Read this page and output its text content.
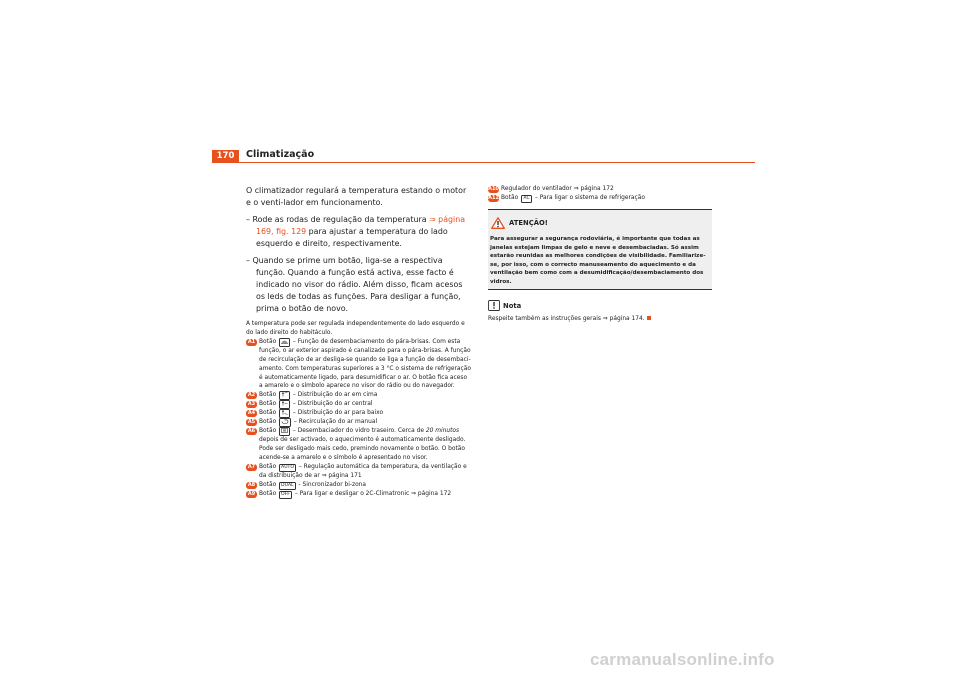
170	Climatização

O climatizador regulará a temperatura estando o motor e o venti-lador em funcionamento.

– Rode as rodas de regulação da temperatura ⇒ página 169, fig. 129 para ajustar a temperatura do lado esquerdo e direito, respectivamente.
– Quando se prime um botão, liga-se a respectiva função. Quando a função está activa, esse facto é indicado no visor do rádio. Além disso, ficam acesos os leds de todas as funções. Para desligar a função, prima o botão de novo.

A temperatura pode ser regulada independentemente do lado esquerdo e do lado direito do habitáculo.

A1 Botão	– Função de desembaciamento do pára-brisas. Com esta função, o ar exterior aspirado é canalizado para o pára-brisas. A função de recirculação de ar desliga-se quando se liga a função de desembaci-amento. Com temperaturas superiores a 3 °C o sistema de refrigeração é automaticamente ligado, para desumidificar o ar. O botão fica aceso a amarelo e o símbolo aparece no visor do rádio ou do navegador.
A2 Botão	– Distribuição do ar em cima
A3 Botão	– Distribuição do ar central
A4 Botão	– Distribuição do ar para baixo
A5 Botão	– Recirculação do ar manual
A6 Botão	– Desembaciador do vidro traseiro. Cerca de 20 minutos depois de ser activado, o aquecimento é automaticamente desligado. Pode ser desligado mais cedo, premindo novamente o botão. O botão acende-se a amarelo e o símbolo é apresentado no visor.
A7 Botão AUTO – Regulação automática da temperatura, da ventilação e da distribuição de ar ⇒ página 171
A8 Botão DUAL - Sincronizador bi-zona
A9 Botão OFF – Para ligar e desligar o 2C-Climatronic ⇒ página 172
A10 Regulador do ventilador ⇒ página 172
A11 Botão AC – Para ligar o sistema de refrigeração
ATENÇÃO!
Para assegurar a segurança rodoviária, é importante que todas as janelas estejam limpas de gelo e neve e desembaciadas. Só assim estarão reunidas as melhores condições de visibilidade. Familiarize-se, por isso, com o correcto manuseamento do aquecimento e da ventilação bem como com a desumidificação/desembaciamento dos vidros.
Nota

Respeite também as instruções gerais ⇒ página 174.

carmanualsonline.info
